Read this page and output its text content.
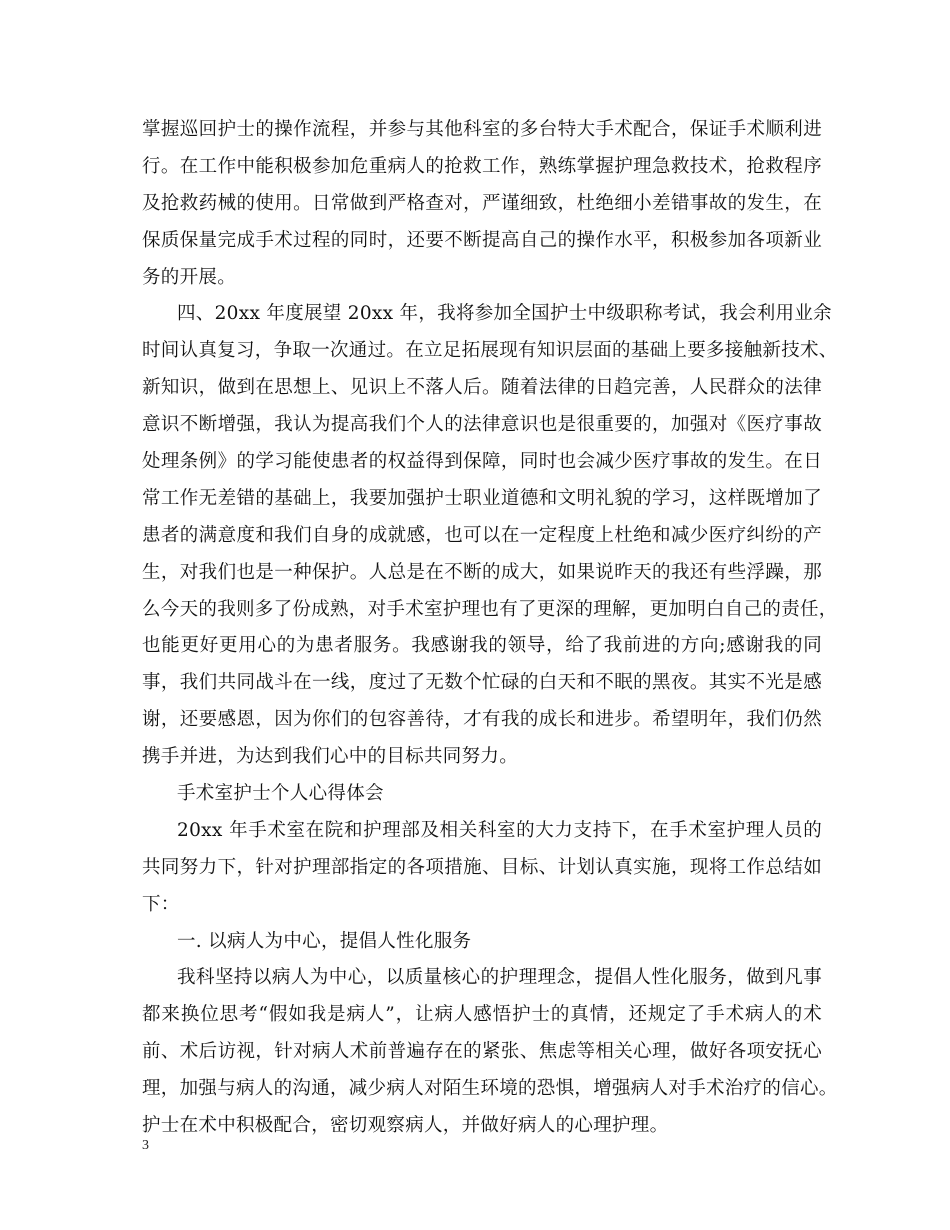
掌握巡回护士的操作流程，并参与其他科室的多台特大手术配合，保证手术顺利进
行。在工作中能积极参加危重病人的抢救工作，熟练掌握护理急救技术，抢救程序
及抢救药械的使用。日常做到严格查对，严谨细致，杜绝细小差错事故的发生，在
保质保量完成手术过程的同时，还要不断提高自己的操作水平，积极参加各项新业
务的开展。
四、20xx 年度展望 20xx 年，我将参加全国护士中级职称考试，我会利用业余
时间认真复习，争取一次通过。在立足拓展现有知识层面的基础上要多接触新技术、
新知识，做到在思想上、见识上不落人后。随着法律的日趋完善，人民群众的法律
意识不断增强，我认为提高我们个人的法律意识也是很重要的，加强对《医疗事故
处理条例》的学习能使患者的权益得到保障，同时也会减少医疗事故的发生。在日
常工作无差错的基础上，我要加强护士职业道德和文明礼貌的学习，这样既增加了
患者的满意度和我们自身的成就感，也可以在一定程度上杜绝和减少医疗纠纷的产
生，对我们也是一种保护。人总是在不断的成大，如果说昨天的我还有些浮躁，那
么今天的我则多了份成熟，对手术室护理也有了更深的理解，更加明白自己的责任，
也能更好更用心的为患者服务。我感谢我的领导，给了我前进的方向;感谢我的同
事，我们共同战斗在一线，度过了无数个忙碌的白天和不眠的黑夜。其实不光是感
谢，还要感恩，因为你们的包容善待，才有我的成长和进步。希望明年，我们仍然
携手并进，为达到我们心中的目标共同努力。
手术室护士个人心得体会
20xx 年手术室在院和护理部及相关科室的大力支持下，在手术室护理人员的
共同努力下，针对护理部指定的各项措施、目标、计划认真实施，现将工作总结如
下：
一. 以病人为中心，提倡人性化服务
我科坚持以病人为中心，以质量核心的护理理念，提倡人性化服务，做到凡事
都来换位思考“假如我是病人”，让病人感悟护士的真情，还规定了手术病人的术
前、术后访视，针对病人术前普遍存在的紧张、焦虑等相关心理，做好各项安抚心
理，加强与病人的沟通，减少病人对陌生环境的恐惧，增强病人对手术治疗的信心。
护士在术中积极配合，密切观察病人，并做好病人的心理护理。
3
